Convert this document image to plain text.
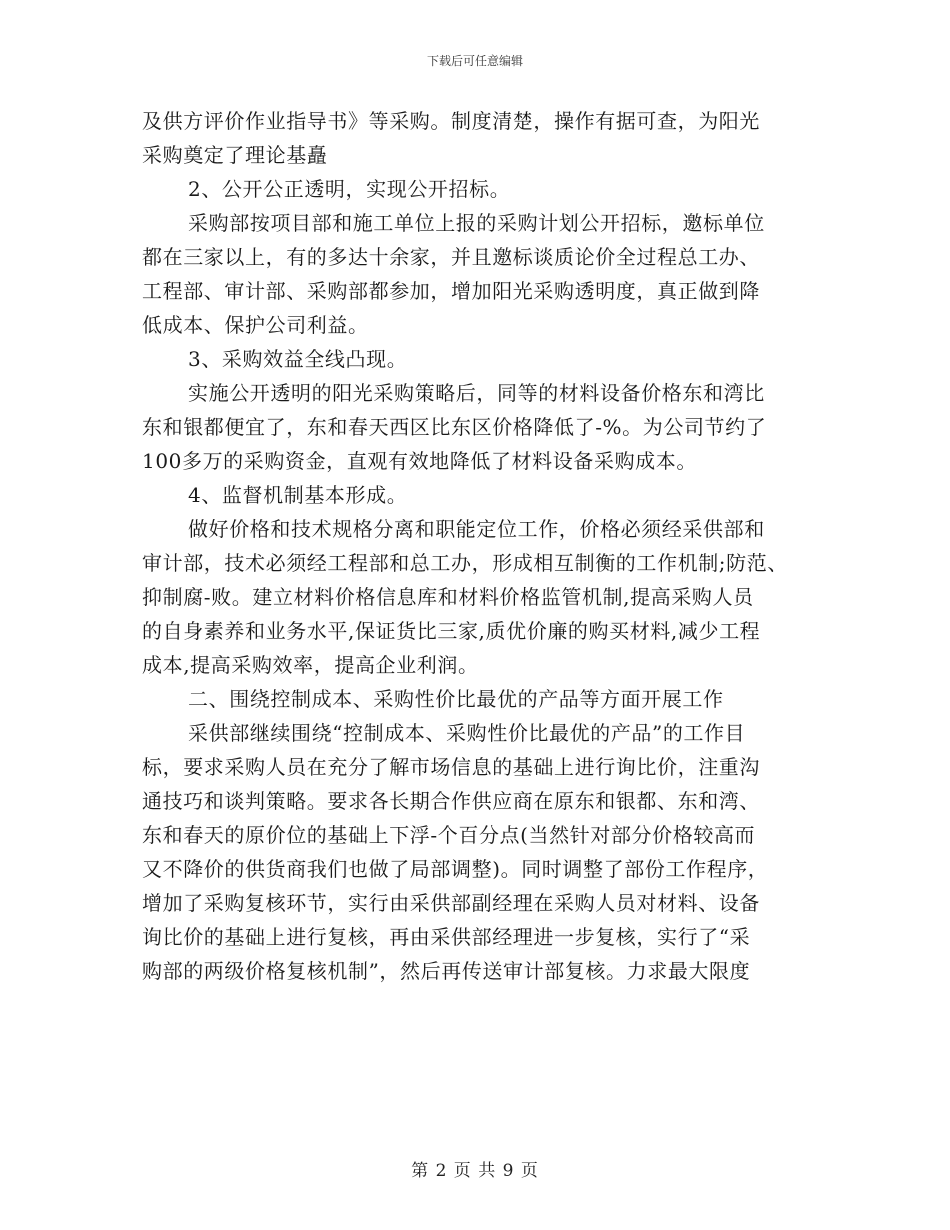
下载后可任意编辑
及供方评价作业指导书》等采购。制度清楚，操作有据可查，为阳光
采购奠定了理论基矗
2、公开公正透明，实现公开招标。
采购部按项目部和施工单位上报的采购计划公开招标，邀标单位
都在三家以上，有的多达十余家，并且邀标谈质论价全过程总工办、
工程部、审计部、采购部都参加，增加阳光采购透明度，真正做到降
低成本、保护公司利益。
3、采购效益全线凸现。
实施公开透明的阳光采购策略后，同等的材料设备价格东和湾比
东和银都便宜了，东和春天西区比东区价格降低了-%。为公司节约了
100多万的采购资金，直观有效地降低了材料设备采购成本。
4、监督机制基本形成。
做好价格和技术规格分离和职能定位工作，价格必须经采供部和
审计部，技术必须经工程部和总工办，形成相互制衡的工作机制;防范、
抑制腐-败。建立材料价格信息库和材料价格监管机制,提高采购人员
的自身素养和业务水平,保证货比三家,质优价廉的购买材料,减少工程
成本,提高采购效率，提高企业利润。
二、围绕控制成本、采购性价比最优的产品等方面开展工作
采供部继续围绕“控制成本、采购性价比最优的产品”的工作目
标，要求采购人员在充分了解市场信息的基础上进行询比价，注重沟
通技巧和谈判策略。要求各长期合作供应商在原东和银都、东和湾、
东和春天的原价位的基础上下浮-个百分点(当然针对部分价格较高而
又不降价的供货商我们也做了局部调整)。同时调整了部份工作程序，
增加了采购复核环节，实行由采供部副经理在采购人员对材料、设备
询比价的基础上进行复核，再由采供部经理进一步复核，实行了“采
购部的两级价格复核机制”，然后再传送审计部复核。力求最大限度
第 2 页 共 9 页
